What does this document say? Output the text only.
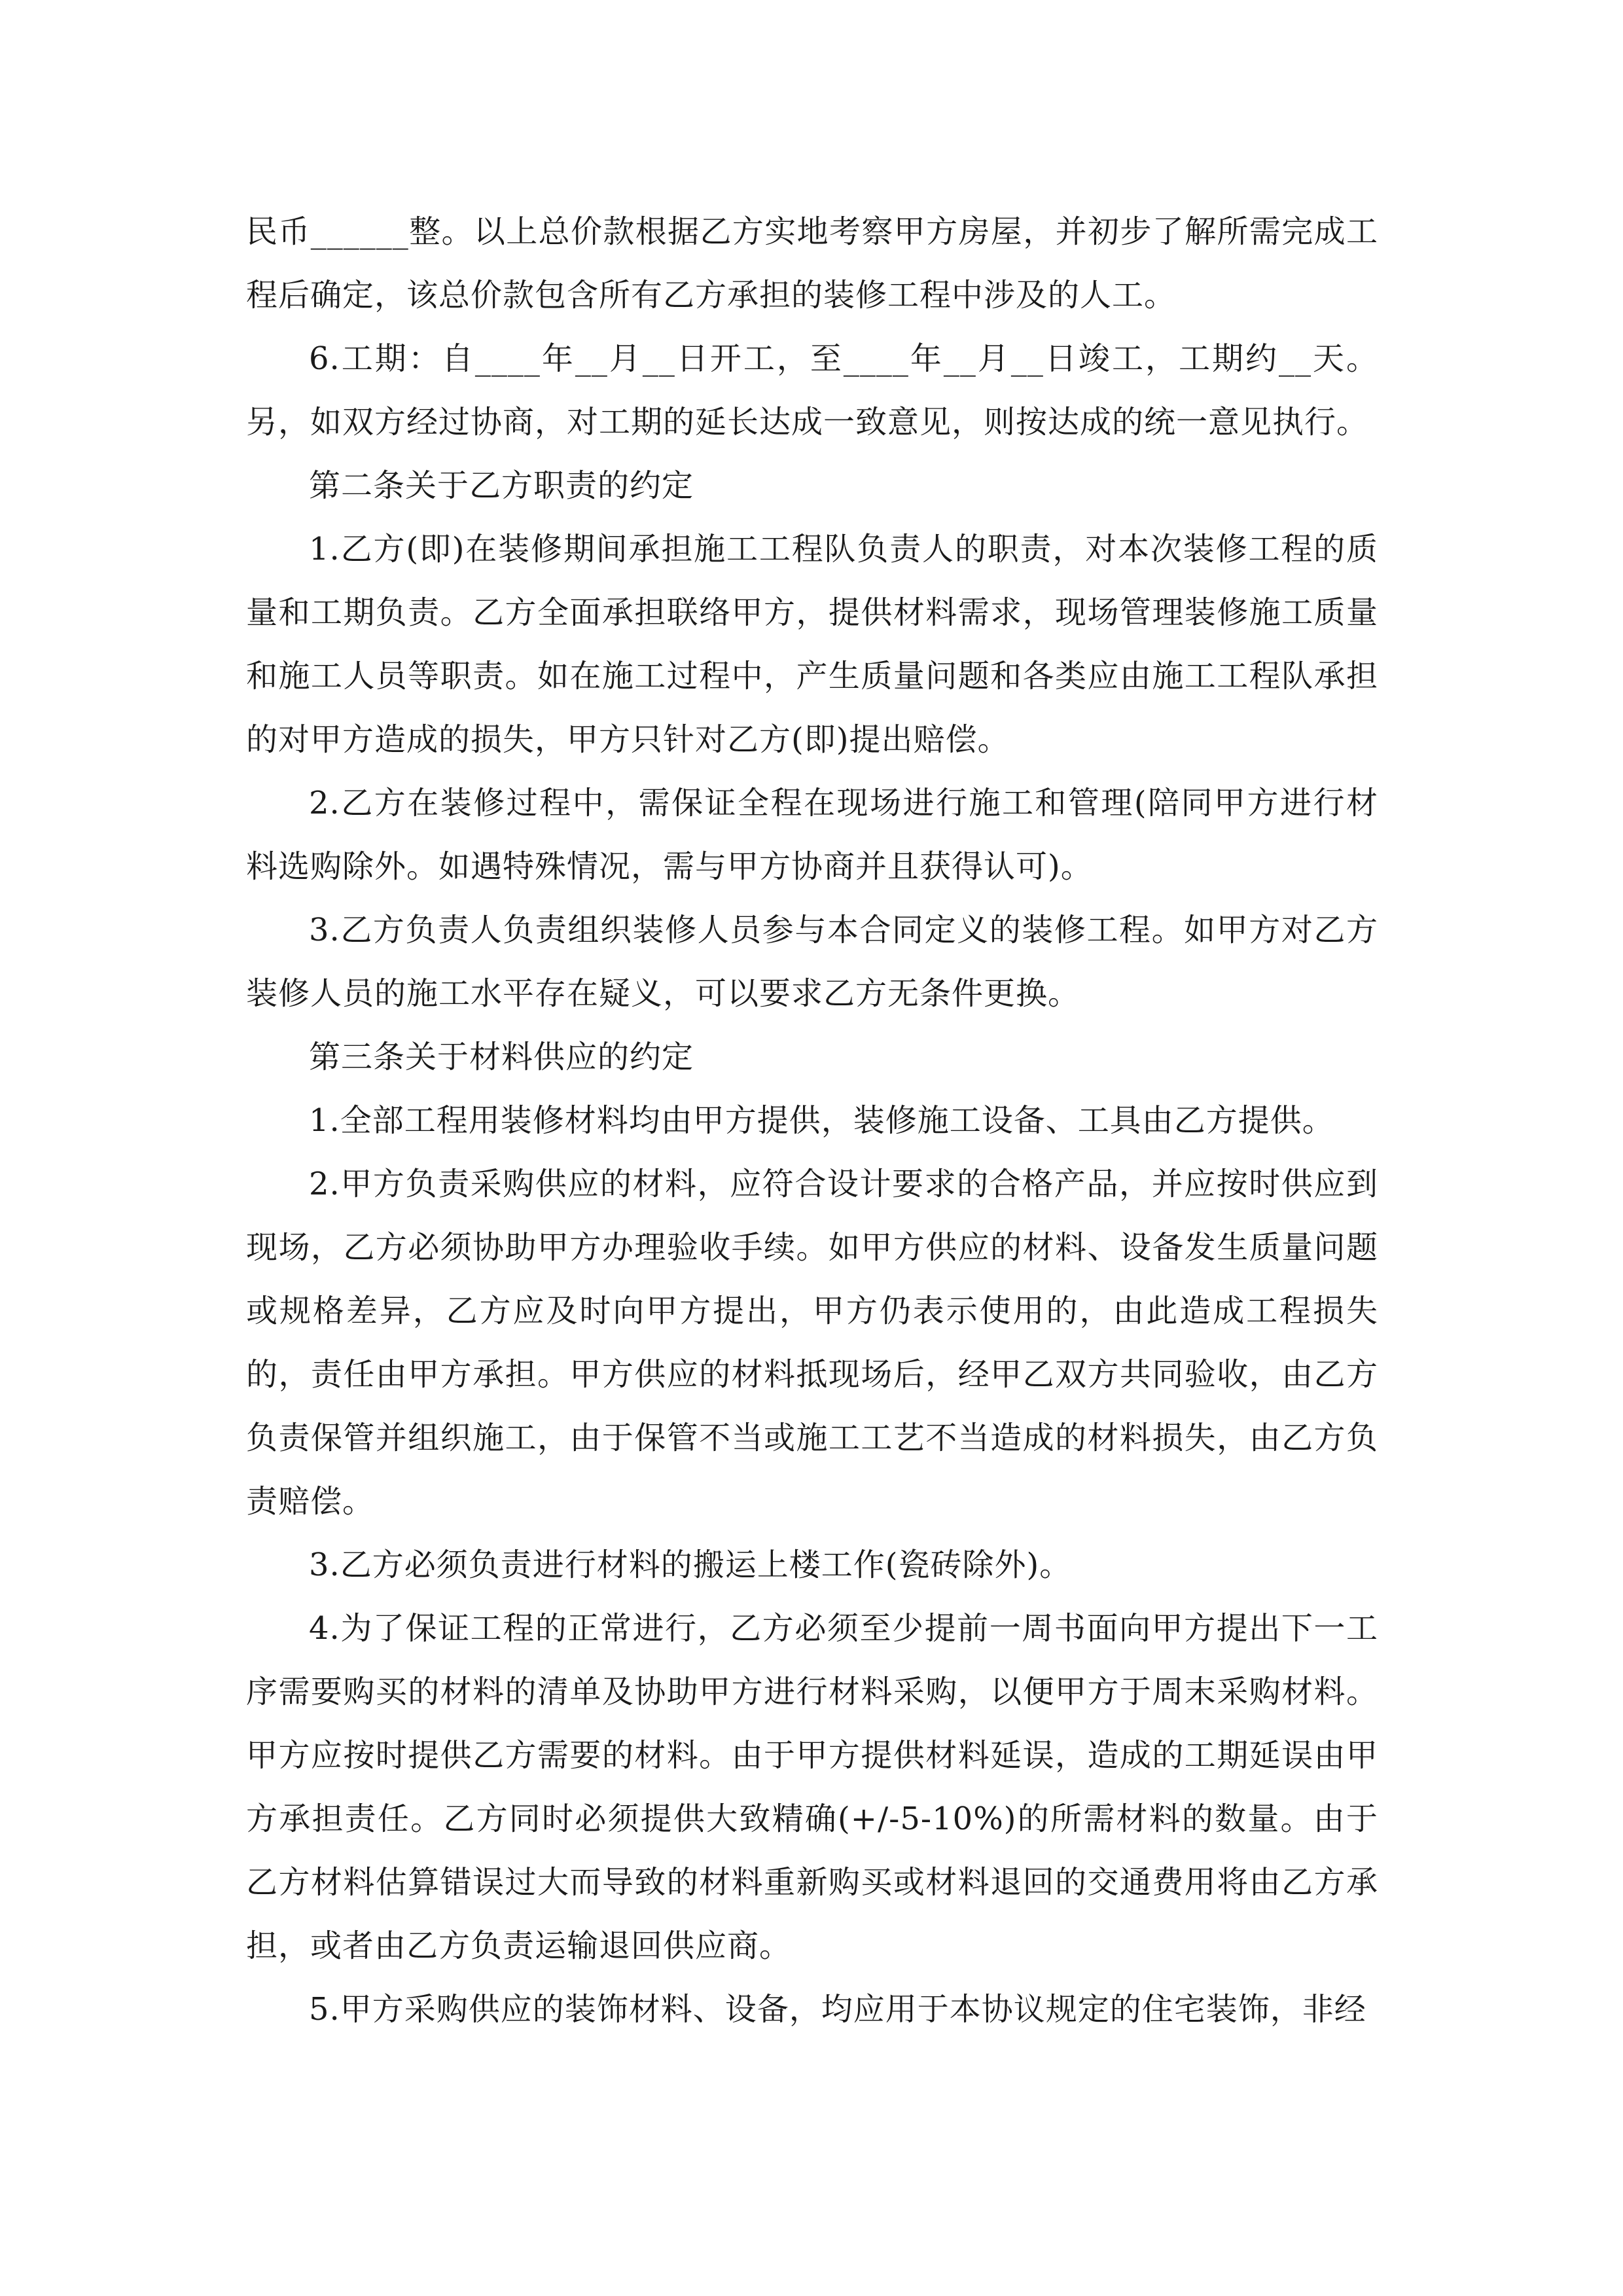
民币______整。以上总价款根据乙方实地考察甲方房屋，并初步了解所需完成工程后确定，该总价款包含所有乙方承担的装修工程中涉及的人工。

6.工期：自____年__月__日开工，至____年__月__日竣工，工期约__天。另，如双方经过协商，对工期的延长达成一致意见，则按达成的统一意见执行。

第二条关于乙方职责的约定

1.乙方(即)在装修期间承担施工工程队负责人的职责，对本次装修工程的质量和工期负责。乙方全面承担联络甲方，提供材料需求，现场管理装修施工质量和施工人员等职责。如在施工过程中，产生质量问题和各类应由施工工程队承担的对甲方造成的损失，甲方只针对乙方(即)提出赔偿。

2.乙方在装修过程中，需保证全程在现场进行施工和管理(陪同甲方进行材料选购除外。如遇特殊情况，需与甲方协商并且获得认可)。

3.乙方负责人负责组织装修人员参与本合同定义的装修工程。如甲方对乙方装修人员的施工水平存在疑义，可以要求乙方无条件更换。

第三条关于材料供应的约定

1.全部工程用装修材料均由甲方提供，装修施工设备、工具由乙方提供。

2.甲方负责采购供应的材料，应符合设计要求的合格产品，并应按时供应到现场，乙方必须协助甲方办理验收手续。如甲方供应的材料、设备发生质量问题或规格差异，乙方应及时向甲方提出，甲方仍表示使用的，由此造成工程损失的，责任由甲方承担。甲方供应的材料抵现场后，经甲乙双方共同验收，由乙方负责保管并组织施工，由于保管不当或施工工艺不当造成的材料损失，由乙方负责赔偿。

3.乙方必须负责进行材料的搬运上楼工作(瓷砖除外)。

4.为了保证工程的正常进行，乙方必须至少提前一周书面向甲方提出下一工序需要购买的材料的清单及协助甲方进行材料采购，以便甲方于周末采购材料。甲方应按时提供乙方需要的材料。由于甲方提供材料延误，造成的工期延误由甲方承担责任。乙方同时必须提供大致精确(+/-5-10%)的所需材料的数量。由于乙方材料估算错误过大而导致的材料重新购买或材料退回的交通费用将由乙方承担，或者由乙方负责运输退回供应商。

5.甲方采购供应的装饰材料、设备，均应用于本协议规定的住宅装饰，非经
